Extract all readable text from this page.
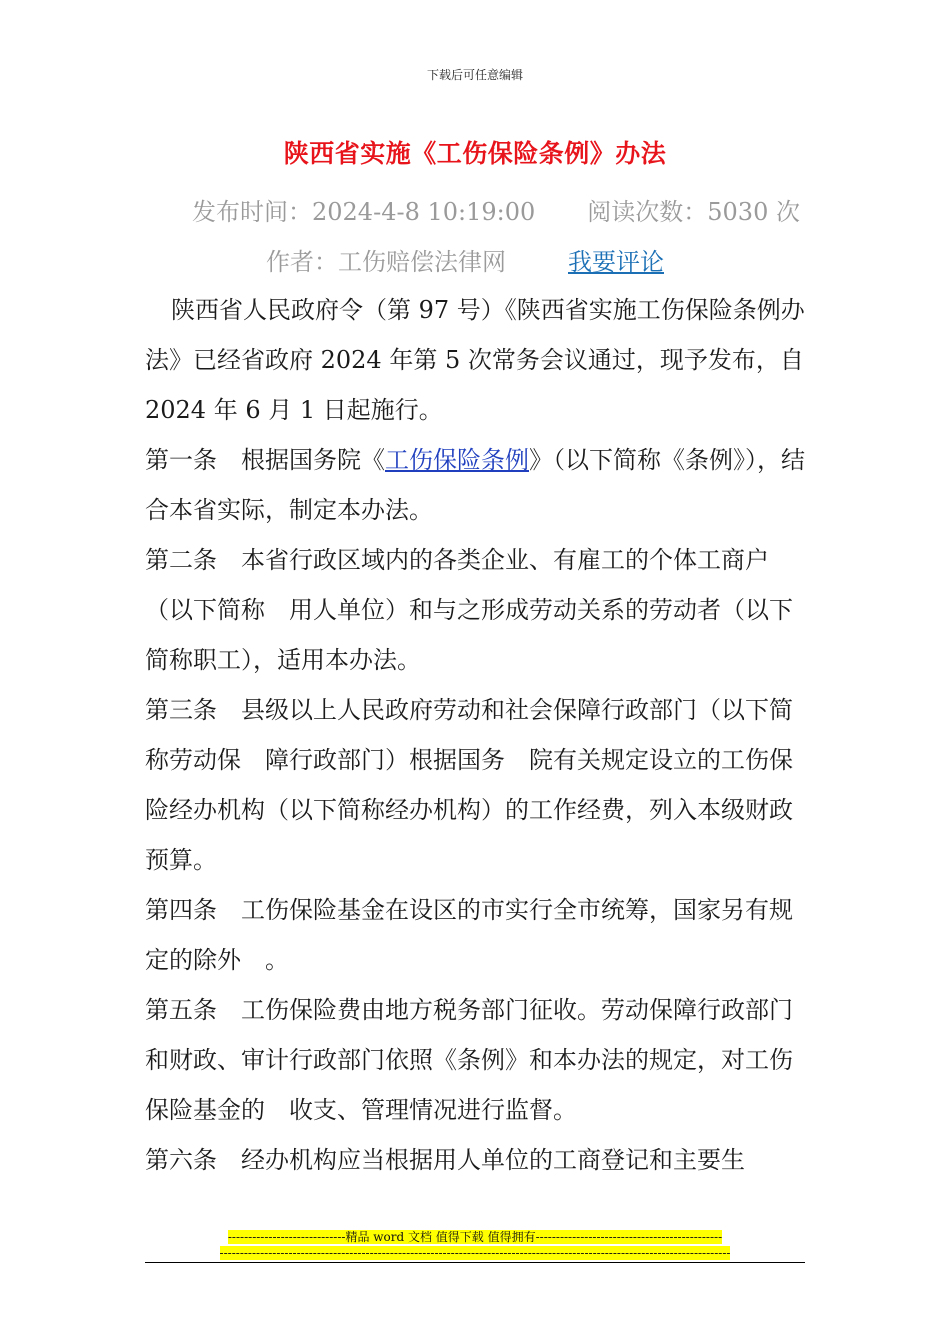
下载后可任意编辑
陕西省实施《工伤保险条例》办法
发布时间：2024-4-8 10:19:00 阅读次数：5030 次
作者：工伤赔偿法律网	我要评论

陕西省人民政府令（第 97 号）《陕西省实施工伤保险条例办法》已经省政府 2024 年第 5 次常务会议通过，现予发布，自 2024 年 6 月 1 日起施行。

第一条　根据国务院《工伤保险条例》（以下简称《条例》），结合本省实际，制定本办法。

第二条　本省行政区域内的各类企业、有雇工的个体工商户（以下简称　用人单位）和与之形成劳动关系的劳动者（以下简称职工），适用本办法。

第三条　县级以上人民政府劳动和社会保障行政部门（以下简称劳动保　障行政部门）根据国务　院有关规定设立的工伤保险经办机构（以下简称经办机构）的工作经费，列入本级财政预算。

第四条　工伤保险基金在设区的市实行全市统筹，国家另有规定的除外　。

第五条　工伤保险费由地方税务部门征收。劳动保障行政部门和财政、审计行政部门依照《条例》和本办法的规定，对工伤保险基金的　收支、管理情况进行监督。

第六条　经办机构应当根据用人单位的工商登记和主要生

-----------------------------精品 word 文档 值得下载 值得拥有----------------------------------------------
------------------------------------------------------------------------------------------------------------------------------
